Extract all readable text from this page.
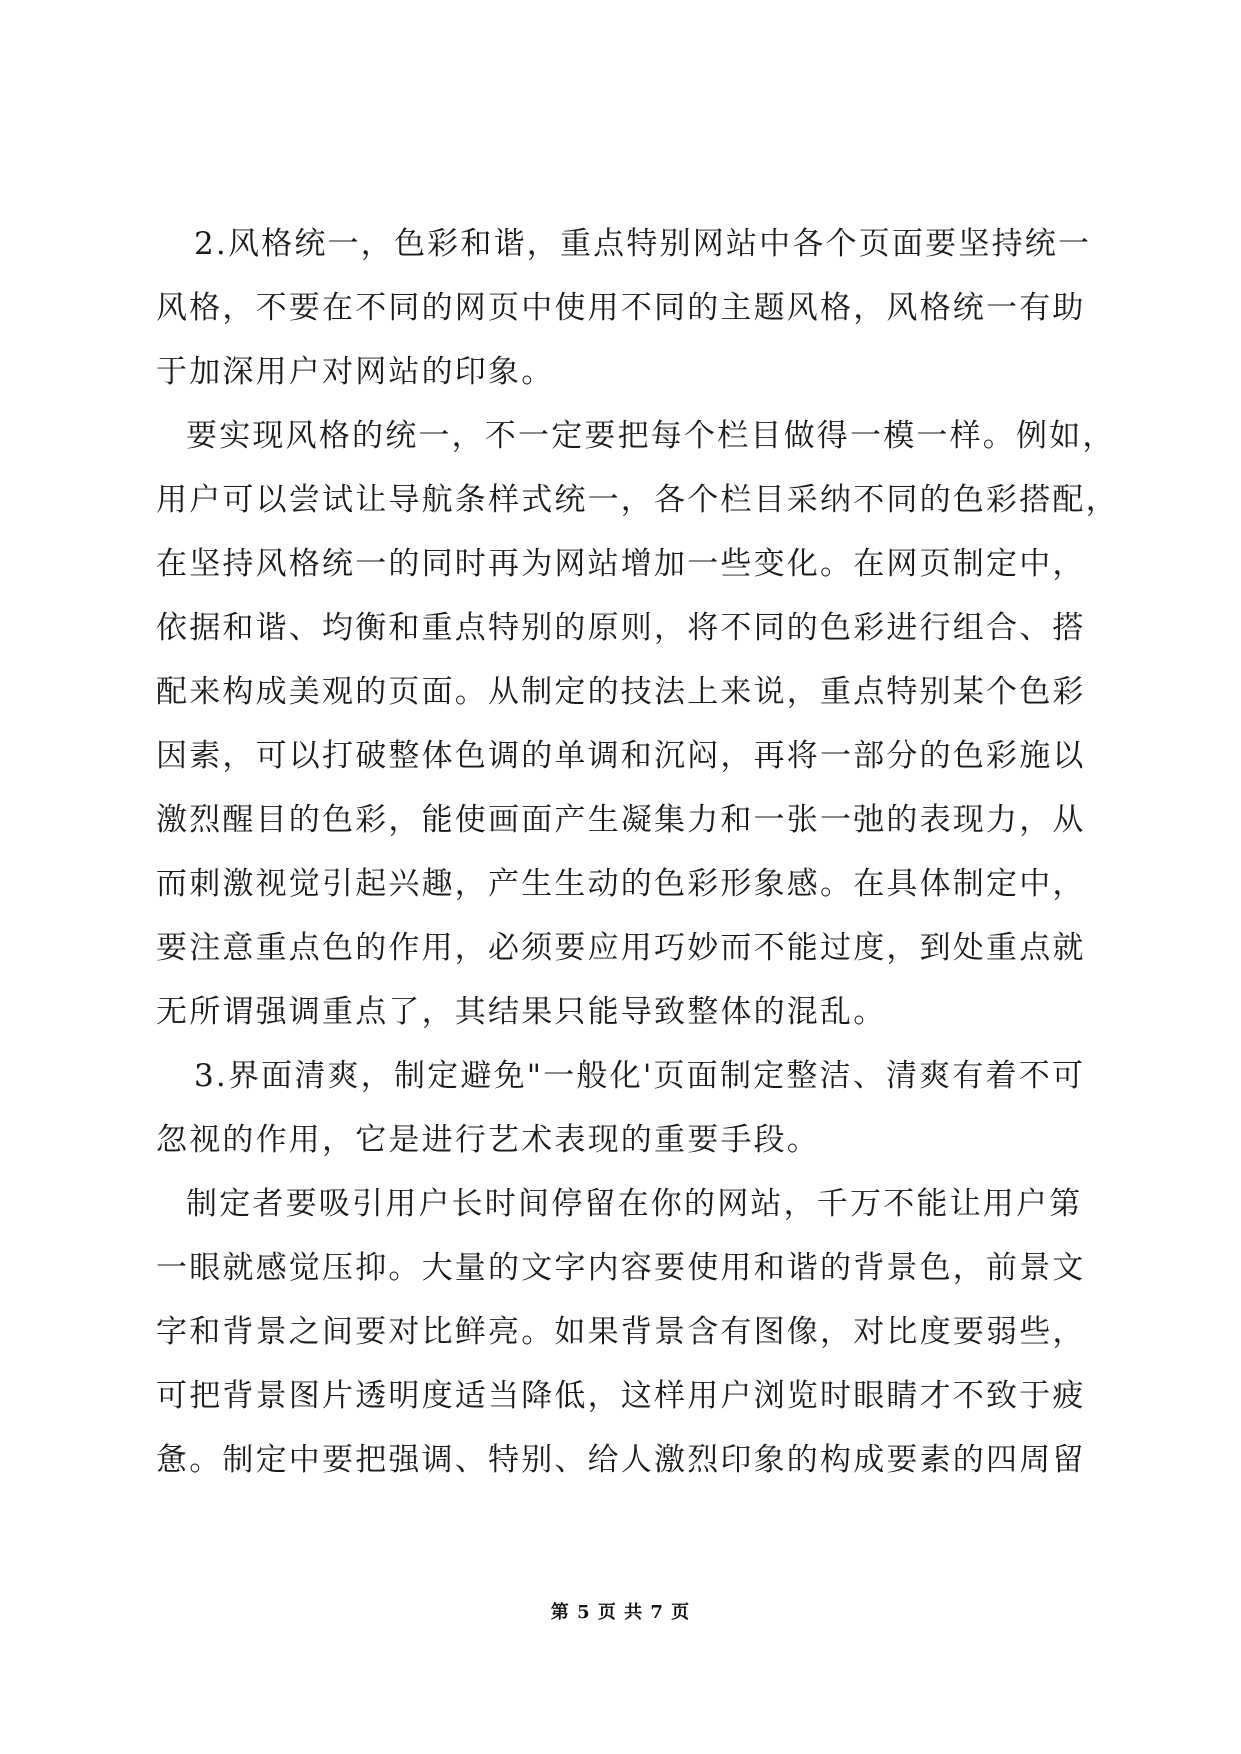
2.风格统一，色彩和谐，重点特别网站中各个页面要坚持统一
风格，不要在不同的网页中使用不同的主题风格，风格统一有助
于加深用户对网站的印象。
要实现风格的统一，不一定要把每个栏目做得一模一样。例如，
用户可以尝试让导航条样式统一，各个栏目采纳不同的色彩搭配，
在坚持风格统一的同时再为网站增加一些变化。在网页制定中，
依据和谐、均衡和重点特别的原则，将不同的色彩进行组合、搭
配来构成美观的页面。从制定的技法上来说，重点特别某个色彩
因素，可以打破整体色调的单调和沉闷，再将一部分的色彩施以
激烈醒目的色彩，能使画面产生凝集力和一张一弛的表现力，从
而刺激视觉引起兴趣，产生生动的色彩形象感。在具体制定中，
要注意重点色的作用，必须要应用巧妙而不能过度，到处重点就
无所谓强调重点了，其结果只能导致整体的混乱。
3.界面清爽，制定避免"一般化'页面制定整洁、清爽有着不可
忽视的作用，它是进行艺术表现的重要手段。
制定者要吸引用户长时间停留在你的网站，千万不能让用户第
一眼就感觉压抑。大量的文字内容要使用和谐的背景色，前景文
字和背景之间要对比鲜亮。如果背景含有图像，对比度要弱些，
可把背景图片透明度适当降低，这样用户浏览时眼睛才不致于疲
惫。制定中要把强调、特别、给人激烈印象的构成要素的四周留
第 5 页 共 7 页
